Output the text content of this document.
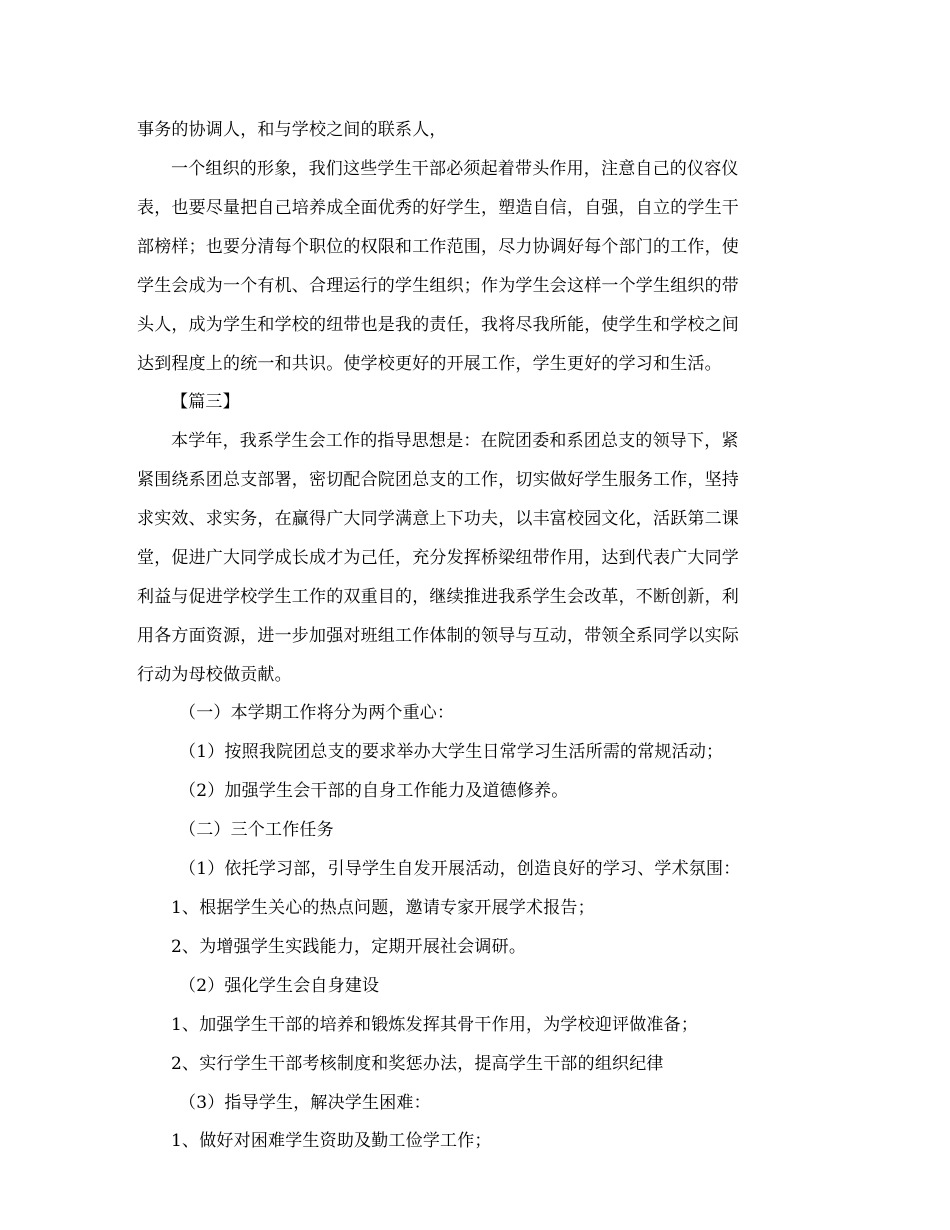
事务的协调人，和与学校之间的联系人，
一个组织的形象，我们这些学生干部必须起着带头作用，注意自己的仪容仪
表，也要尽量把自己培养成全面优秀的好学生，塑造自信，自强，自立的学生干
部榜样；也要分清每个职位的权限和工作范围，尽力协调好每个部门的工作，使
学生会成为一个有机、合理运行的学生组织；作为学生会这样一个学生组织的带
头人，成为学生和学校的纽带也是我的责任，我将尽我所能，使学生和学校之间
达到程度上的统一和共识。使学校更好的开展工作，学生更好的学习和生活。
【篇三】
本学年，我系学生会工作的指导思想是：在院团委和系团总支的领导下，紧
紧围绕系团总支部署，密切配合院团总支的工作，切实做好学生服务工作，坚持
求实效、求实务，在赢得广大同学满意上下功夫，以丰富校园文化，活跃第二课
堂，促进广大同学成长成才为己任，充分发挥桥梁纽带作用，达到代表广大同学
利益与促进学校学生工作的双重目的，继续推进我系学生会改革，不断创新，利
用各方面资源，进一步加强对班组工作体制的领导与互动，带领全系同学以实际
行动为母校做贡献。
（一）本学期工作将分为两个重心：
（1）按照我院团总支的要求举办大学生日常学习生活所需的常规活动；
（2）加强学生会干部的自身工作能力及道德修养。
（二）三个工作任务
（1）依托学习部，引导学生自发开展活动，创造良好的学习、学术氛围：
1、根据学生关心的热点问题，邀请专家开展学术报告；
2、为增强学生实践能力，定期开展社会调研。
（2）强化学生会自身建设
1、加强学生干部的培养和锻炼发挥其骨干作用，为学校迎评做准备；
2、实行学生干部考核制度和奖惩办法，提高学生干部的组织纪律
（3）指导学生，解决学生困难：
1、做好对困难学生资助及勤工俭学工作；
